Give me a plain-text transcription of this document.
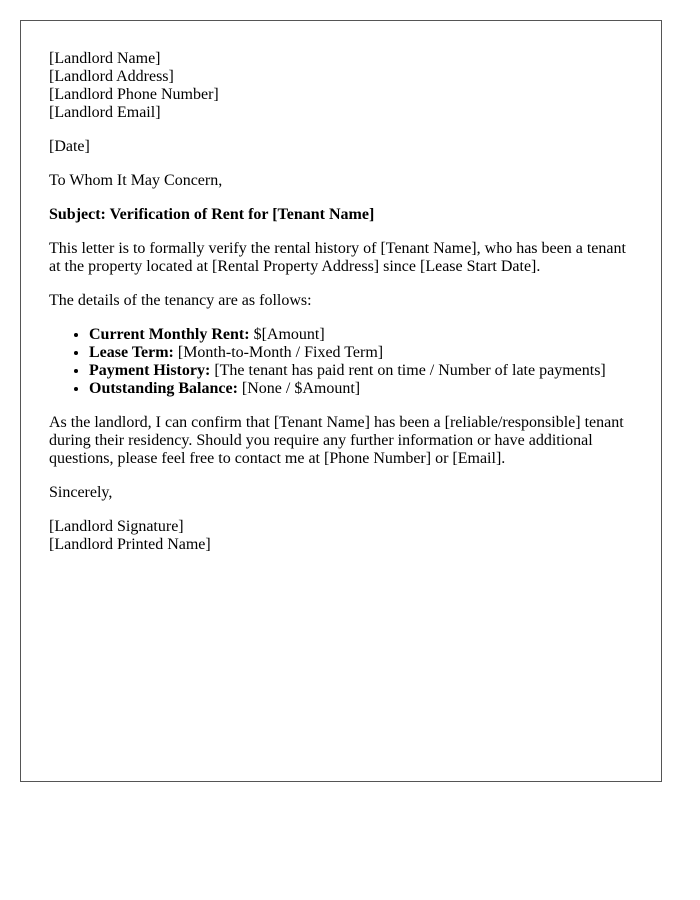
[Landlord Name]
[Landlord Address]
[Landlord Phone Number]
[Landlord Email]

[Date]

To Whom It May Concern,

Subject: Verification of Rent for [Tenant Name]

This letter is to formally verify the rental history of [Tenant Name], who has been a tenant at the property located at [Rental Property Address] since [Lease Start Date].

The details of the tenancy are as follows:

• Current Monthly Rent: $[Amount]
• Lease Term: [Month-to-Month / Fixed Term]
• Payment History: [The tenant has paid rent on time / Number of late payments]
• Outstanding Balance: [None / $Amount]

As the landlord, I can confirm that [Tenant Name] has been a [reliable/responsible] tenant during their residency. Should you require any further information or have additional questions, please feel free to contact me at [Phone Number] or [Email].

Sincerely,

[Landlord Signature]
[Landlord Printed Name]
